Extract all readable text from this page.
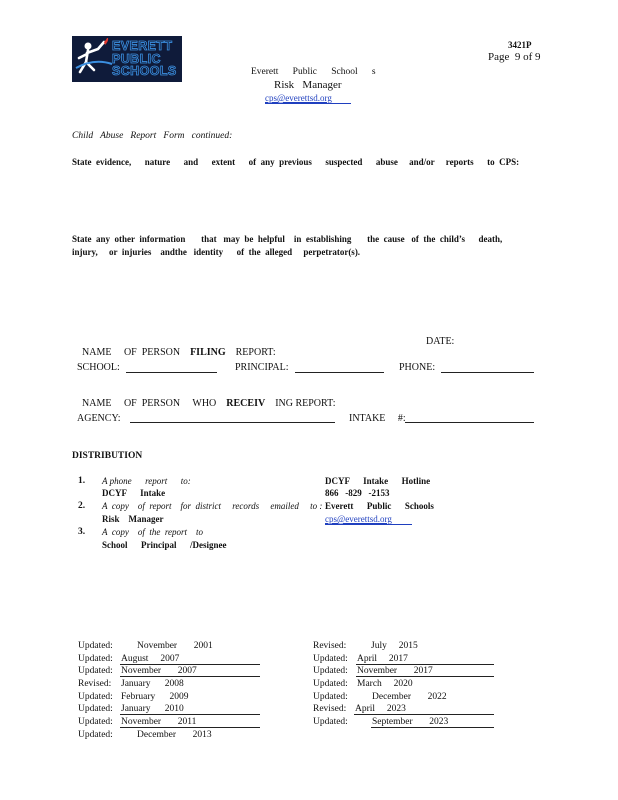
EVERETT
PUBLIC
SCHOOLS
3421P
Page  9 of 9
Everett      Public      School      s
Risk   Manager
cps@everettsd.org
Child   Abuse   Report   Form   continued:
State  evidence,      nature      and      extent      of  any  previous      suspected      abuse     and/or     reports      to  CPS:
State  any  other  information       that   may  be  helpful    in  establishing       the  cause   of  the  child’s      death,
injury,     or  injuries    andthe   identity      of  the  alleged     perpetrator(s).

NAME     OF  PERSON FILING REPORT:

DATE:
SCHOOL:	PRINCIPAL:	PHONE:

NAME     OF  PERSON     WHO RECEIV ING REPORT:

AGENCY:	INTAKE     #:
DISTRIBUTION
1. A phone      report      to:
DCYF      Intake
DCYF      Intake      Hotline
866   -829   -2153
2. A  copy    of  report    for  district     records     emailed     to :
Risk    Manager
Everett      Public      Schools
cps@everettsd.org
3. A  copy    of  the  report    to
School      Principal      /Designee
Updated:	November       2001
Updated: August     2007
Updated: November       2007
Revised: January      2008
Updated: February      2009
Updated: January      2010
Updated: November       2011
Updated:	December       2013
Revised:	July     2015
Updated: April     2017
Updated: November       2017
Updated: March     2020
Updated:	December       2022
Revised: April     2023
Updated:	September       2023
